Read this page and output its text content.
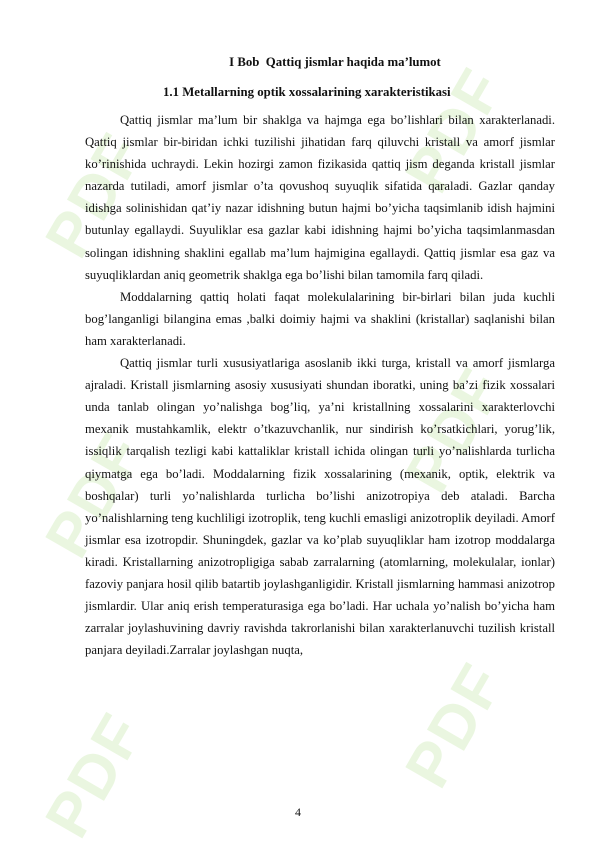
PDF
PDF
PDF
PDF
PDF
PDF
I Bob  Qattiq jismlar haqida ma’lumot
1.1 Metallarning optik xossalarining xarakteristikasi

Qattiq jismlar ma’lum bir shaklga va hajmga ega bo’lishlari bilan xarakterlanadi. Qattiq jismlar bir-biridan ichki tuzilishi jihatidan farq qiluvchi kristall va amorf jismlar ko’rinishida uchraydi. Lekin hozirgi zamon fizikasida qattiq jism deganda kristall jismlar nazarda tutiladi, amorf jismlar o’ta qovushoq suyuqlik sifatida qaraladi. Gazlar qanday idishga solinishidan qat’iy nazar idishning butun hajmi bo’yicha taqsimlanib idish hajmini butunlay egallaydi. Suyuliklar esa gazlar kabi idishning hajmi bo’yicha taqsimlanmasdan solingan idishning shaklini egallab ma’lum hajmigina egallaydi. Qattiq jismlar esa gaz va suyuqliklardan aniq geometrik shaklga ega bo’lishi bilan tamomila farq qiladi.

Moddalarning qattiq holati faqat molekulalarining bir-birlari bilan juda kuchli bog’langanligi bilangina emas ,balki doimiy hajmi va shaklini (kristallar) saqlanishi bilan ham xarakterlanadi.

Qattiq jismlar turli xususiyatlariga asoslanib ikki turga, kristall va amorf jismlarga ajraladi. Kristall jismlarning asosiy xususiyati shundan iboratki, uning ba’zi fizik xossalari unda tanlab olingan yo’nalishga bog’liq, ya’ni kristallning xossalarini xarakterlovchi mexanik mustahkamlik, elektr o’tkazuvchanlik, nur sindirish ko’rsatkichlari, yorug’lik, issiqlik tarqalish tezligi kabi kattaliklar kristall ichida olingan turli yo’nalishlarda turlicha qiymatga ega bo’ladi. Moddalarning fizik xossalarining (mexanik, optik, elektrik va boshqalar) turli yo’nalishlarda turlicha bo’lishi anizotropiya deb ataladi. Barcha yo’nalishlarning teng kuchliligi izotroplik, teng kuchli emasligi anizotroplik deyiladi. Amorf jismlar esa izotropdir. Shuningdek, gazlar va ko’plab suyuqliklar ham izotrop moddalarga kiradi. Kristallarning anizotropligiga sabab zarralarning (atomlarning, molekulalar, ionlar) fazoviy panjara hosil qilib batartib joylashganligidir. Kristall jismlarning hammasi anizotrop jismlardir. Ular aniq erish temperaturasiga ega bo’ladi. Har uchala yo’nalish bo’yicha ham zarralar joylashuvining davriy ravishda takrorlanishi bilan xarakterlanuvchi tuzilish kristall panjara deyiladi.Zarralar joylashgan nuqta,

4
